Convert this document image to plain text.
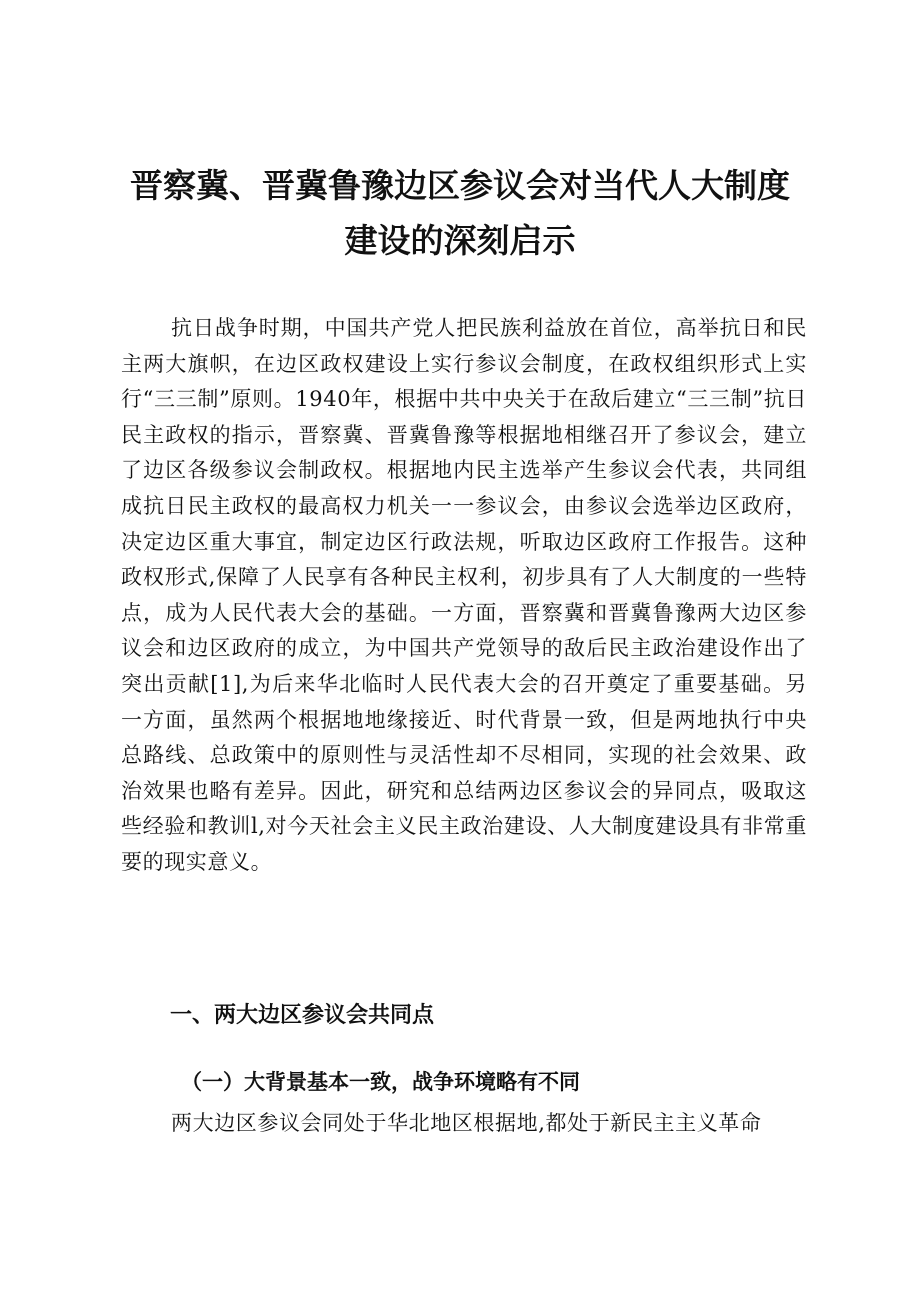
晋察冀、晋冀鲁豫边区参议会对当代人大制度
建设的深刻启示

抗日战争时期，中国共产党人把民族利益放在首位，高举抗日和民主两大旗帜，在边区政权建设上实行参议会制度，在政权组织形式上实行“三三制”原则。1940年，根据中共中央关于在敌后建立“三三制”抗日民主政权的指示，晋察冀、晋冀鲁豫等根据地相继召开了参议会，建立了边区各级参议会制政权。根据地内民主选举产生参议会代表，共同组成抗日民主政权的最高权力机关一一参议会，由参议会选举边区政府，决定边区重大事宜，制定边区行政法规，听取边区政府工作报告。这种政权形式,保障了人民享有各种民主权利，初步具有了人大制度的一些特点，成为人民代表大会的基础。一方面，晋察冀和晋冀鲁豫两大边区参议会和边区政府的成立，为中国共产党领导的敌后民主政治建设作出了突出贡献[1],为后来华北临时人民代表大会的召开奠定了重要基础。另一方面，虽然两个根据地地缘接近、时代背景一致，但是两地执行中央总路线、总政策中的原则性与灵活性却不尽相同，实现的社会效果、政治效果也略有差异。因此，研究和总结两边区参议会的异同点，吸取这些经验和教训l,对今天社会主义民主政治建设、人大制度建设具有非常重要的现实意义。

一、两大边区参议会共同点
（一）大背景基本一致，战争环境略有不同

两大边区参议会同处于华北地区根据地,都处于新民主主义革命
